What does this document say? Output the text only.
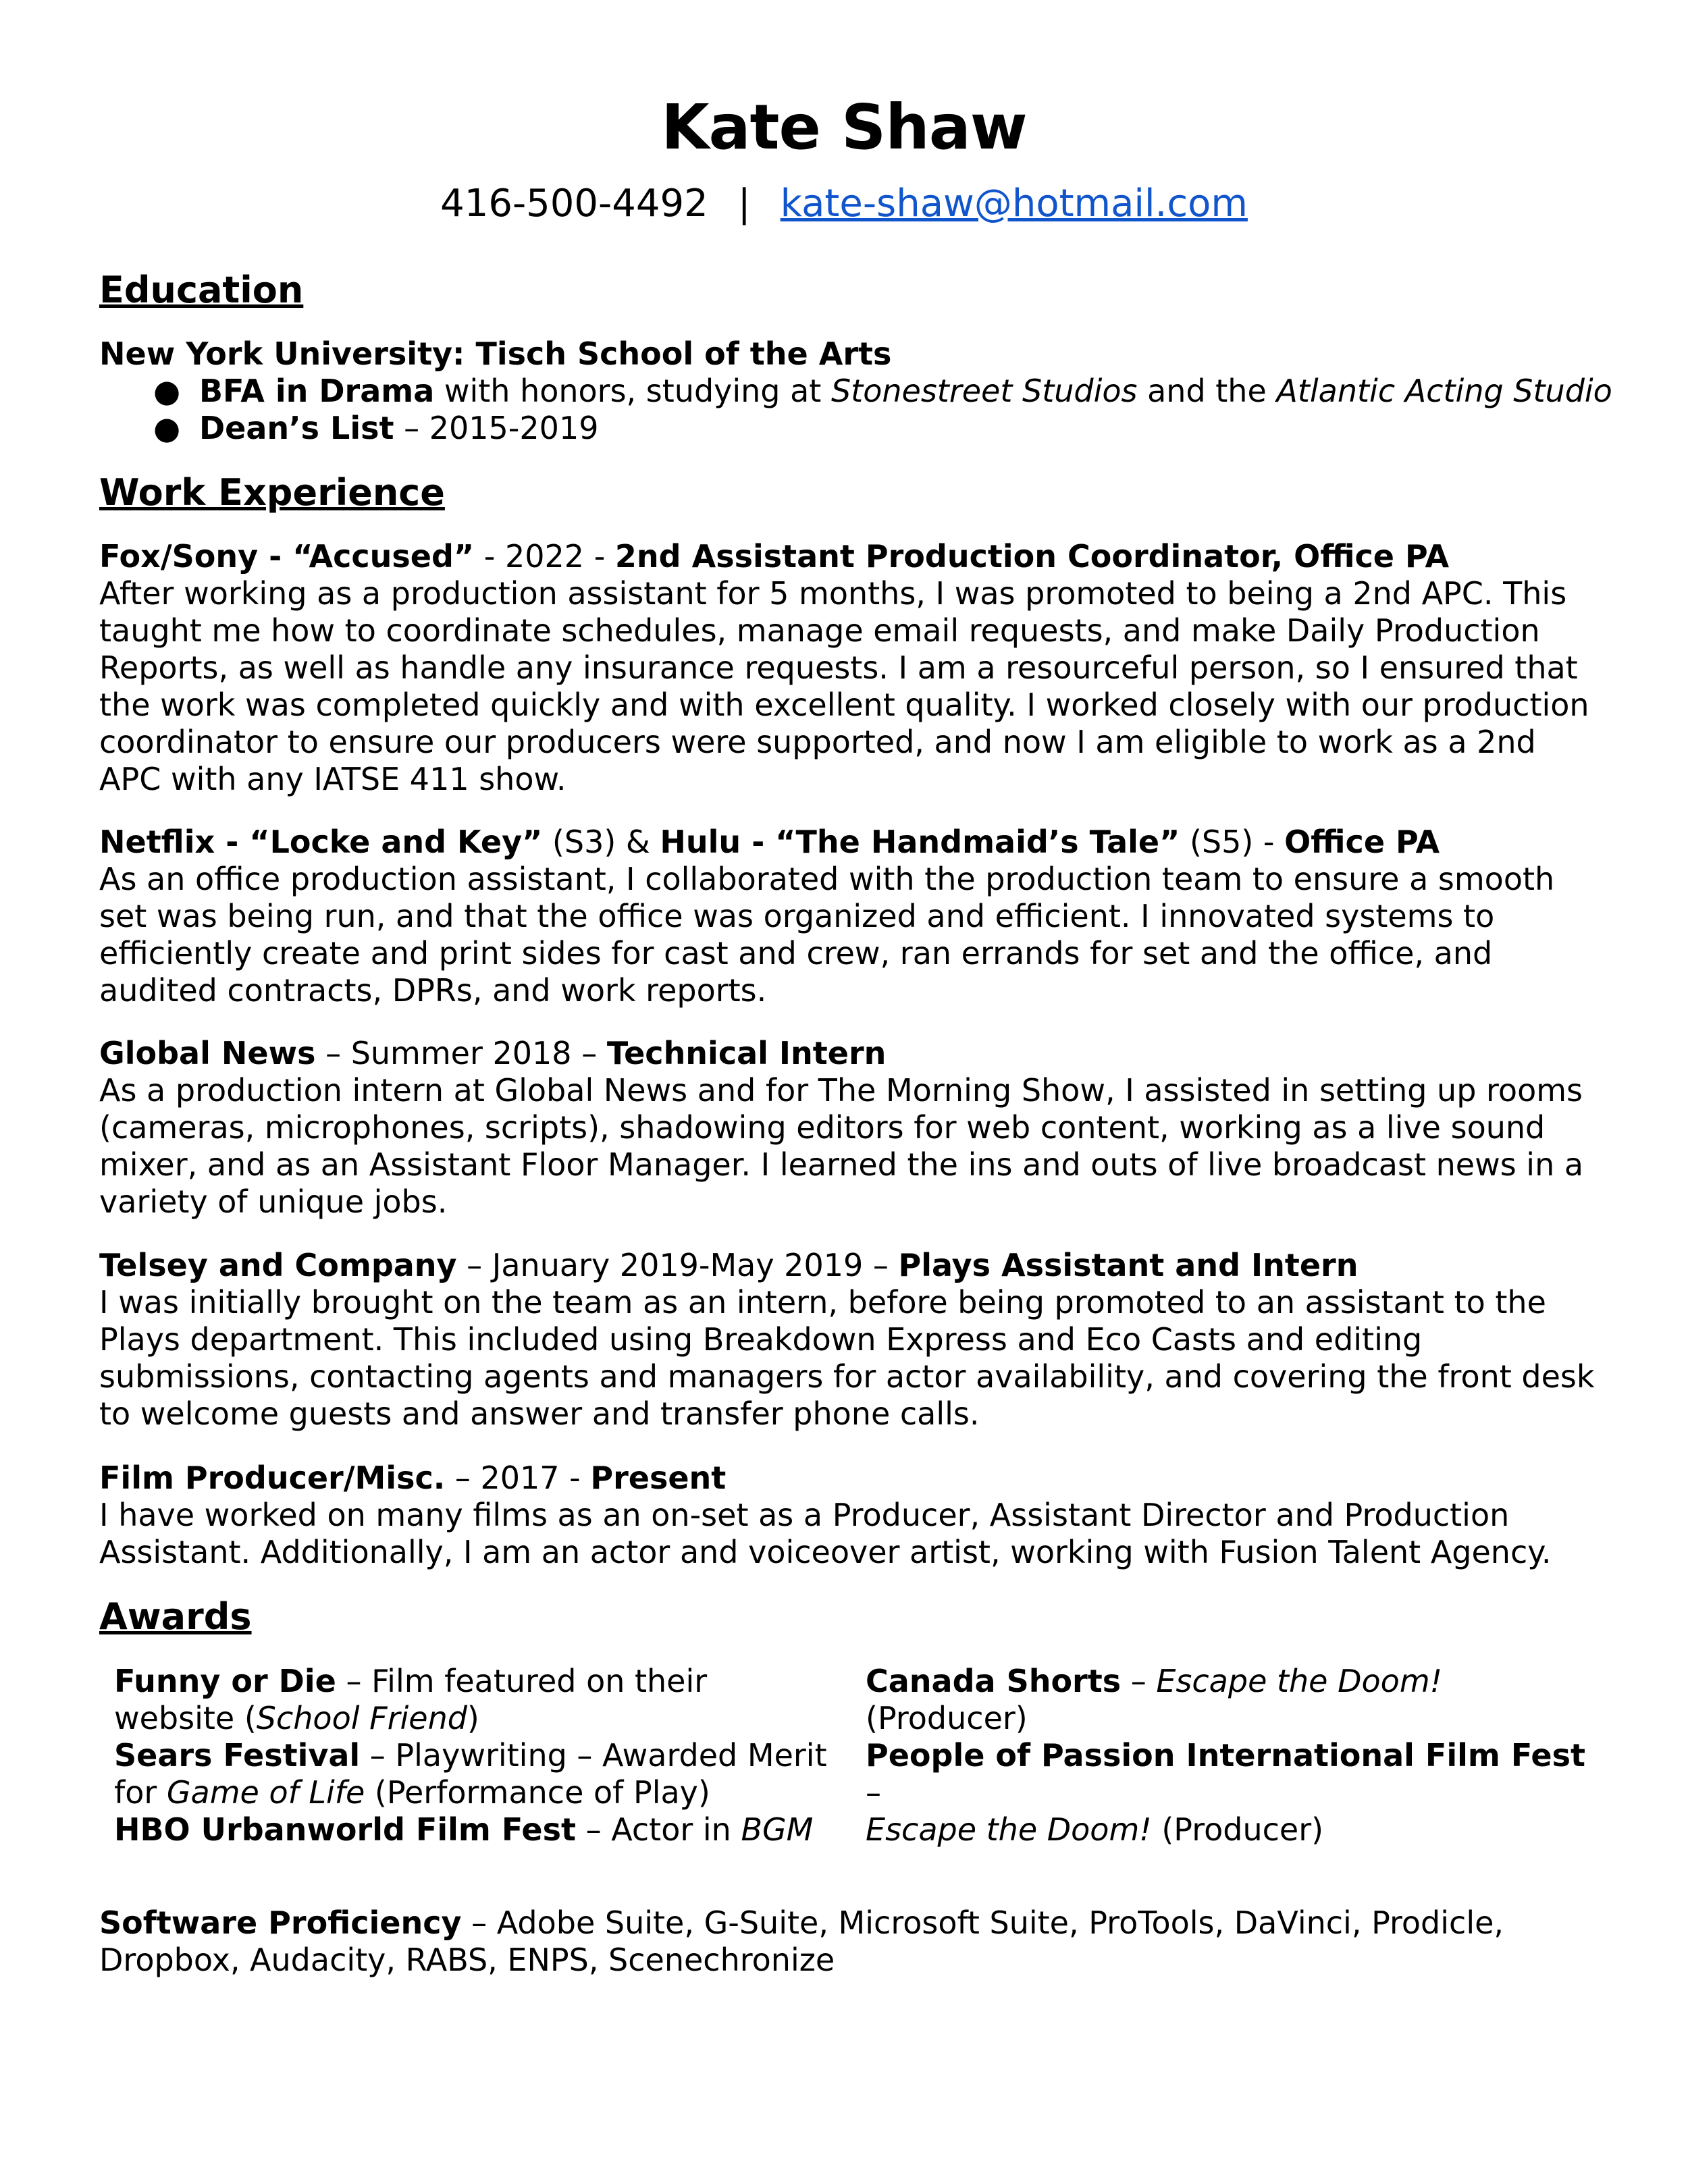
Kate Shaw
416-500-4492 | kate-shaw@hotmail.com
Education
New York University: Tisch School of the Arts
● BFA in Drama with honors, studying at Stonestreet Studios and the Atlantic Acting Studio
● Dean’s List – 2015-2019
Work Experience
Fox/Sony - “Accused” - 2022 - 2nd Assistant Production Coordinator, Office PA
After working as a production assistant for 5 months, I was promoted to being a 2nd APC. This taught me how to coordinate schedules, manage email requests, and make Daily Production Reports, as well as handle any insurance requests. I am a resourceful person, so I ensured that the work was completed quickly and with excellent quality. I worked closely with our production coordinator to ensure our producers were supported, and now I am eligible to work as a 2nd APC with any IATSE 411 show.
Netflix - “Locke and Key” (S3) & Hulu - “The Handmaid’s Tale” (S5) - Office PA
As an office production assistant, I collaborated with the production team to ensure a smooth set was being run, and that the office was organized and efficient. I innovated systems to efficiently create and print sides for cast and crew, ran errands for set and the office, and audited contracts, DPRs, and work reports.
Global News – Summer 2018 – Technical Intern
As a production intern at Global News and for The Morning Show, I assisted in setting up rooms (cameras, microphones, scripts), shadowing editors for web content, working as a live sound mixer, and as an Assistant Floor Manager. I learned the ins and outs of live broadcast news in a variety of unique jobs.
Telsey and Company – January 2019-May 2019 – Plays Assistant and Intern
I was initially brought on the team as an intern, before being promoted to an assistant to the Plays department. This included using Breakdown Express and Eco Casts and editing submissions, contacting agents and managers for actor availability, and covering the front desk to welcome guests and answer and transfer phone calls.
Film Producer/Misc. – 2017 - Present
I have worked on many films as an on-set as a Producer, Assistant Director and Production Assistant. Additionally, I am an actor and voiceover artist, working with Fusion Talent Agency.
Awards
Funny or Die – Film featured on their website (School Friend)
Sears Festival – Playwriting – Awarded Merit for Game of Life (Performance of Play)
HBO Urbanworld Film Fest – Actor in BGM
Canada Shorts – Escape the Doom!
(Producer)
People of Passion International Film Fest –
Escape the Doom! (Producer)
Software Proficiency – Adobe Suite, G-Suite, Microsoft Suite, ProTools, DaVinci, Prodicle, Dropbox, Audacity, RABS, ENPS, Scenechronize
